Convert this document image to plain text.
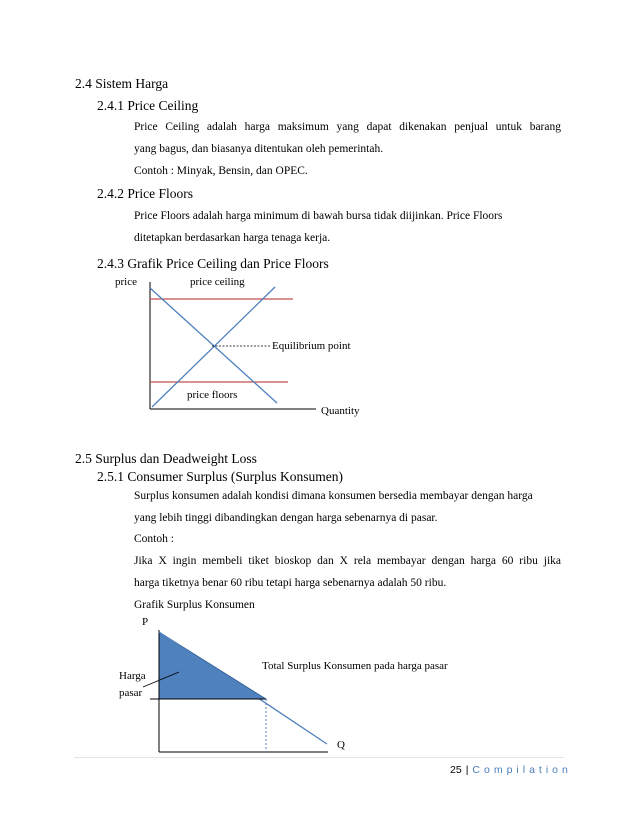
2.4 Sistem Harga
2.4.1 Price Ceiling
Price Ceiling adalah harga maksimum yang dapat dikenakan penjual untuk barang
yang bagus, dan biasanya ditentukan oleh pemerintah.
Contoh : Minyak, Bensin, dan OPEC.
2.4.2 Price Floors
Price Floors adalah harga minimum di bawah bursa tidak diijinkan. Price Floors
ditetapkan berdasarkan harga tenaga kerja.
2.4.3 Grafik Price Ceiling dan Price Floors
price	price ceiling
Equilibrium point
price floors
Quantity
2.5 Surplus dan Deadweight Loss
2.5.1 Consumer Surplus (Surplus Konsumen)
Surplus konsumen adalah kondisi dimana konsumen bersedia membayar dengan harga
yang lebih tinggi dibandingkan dengan harga sebenarnya di pasar.
Contoh :
Jika X ingin membeli tiket bioskop dan X rela membayar dengan harga 60 ribu jika
harga tiketnya benar 60 ribu tetapi harga sebenarnya adalah 50 ribu.
Grafik Surplus Konsumen
P
Harga
pasar
Total Surplus Konsumen pada harga pasar
Q
25 | Compilation
